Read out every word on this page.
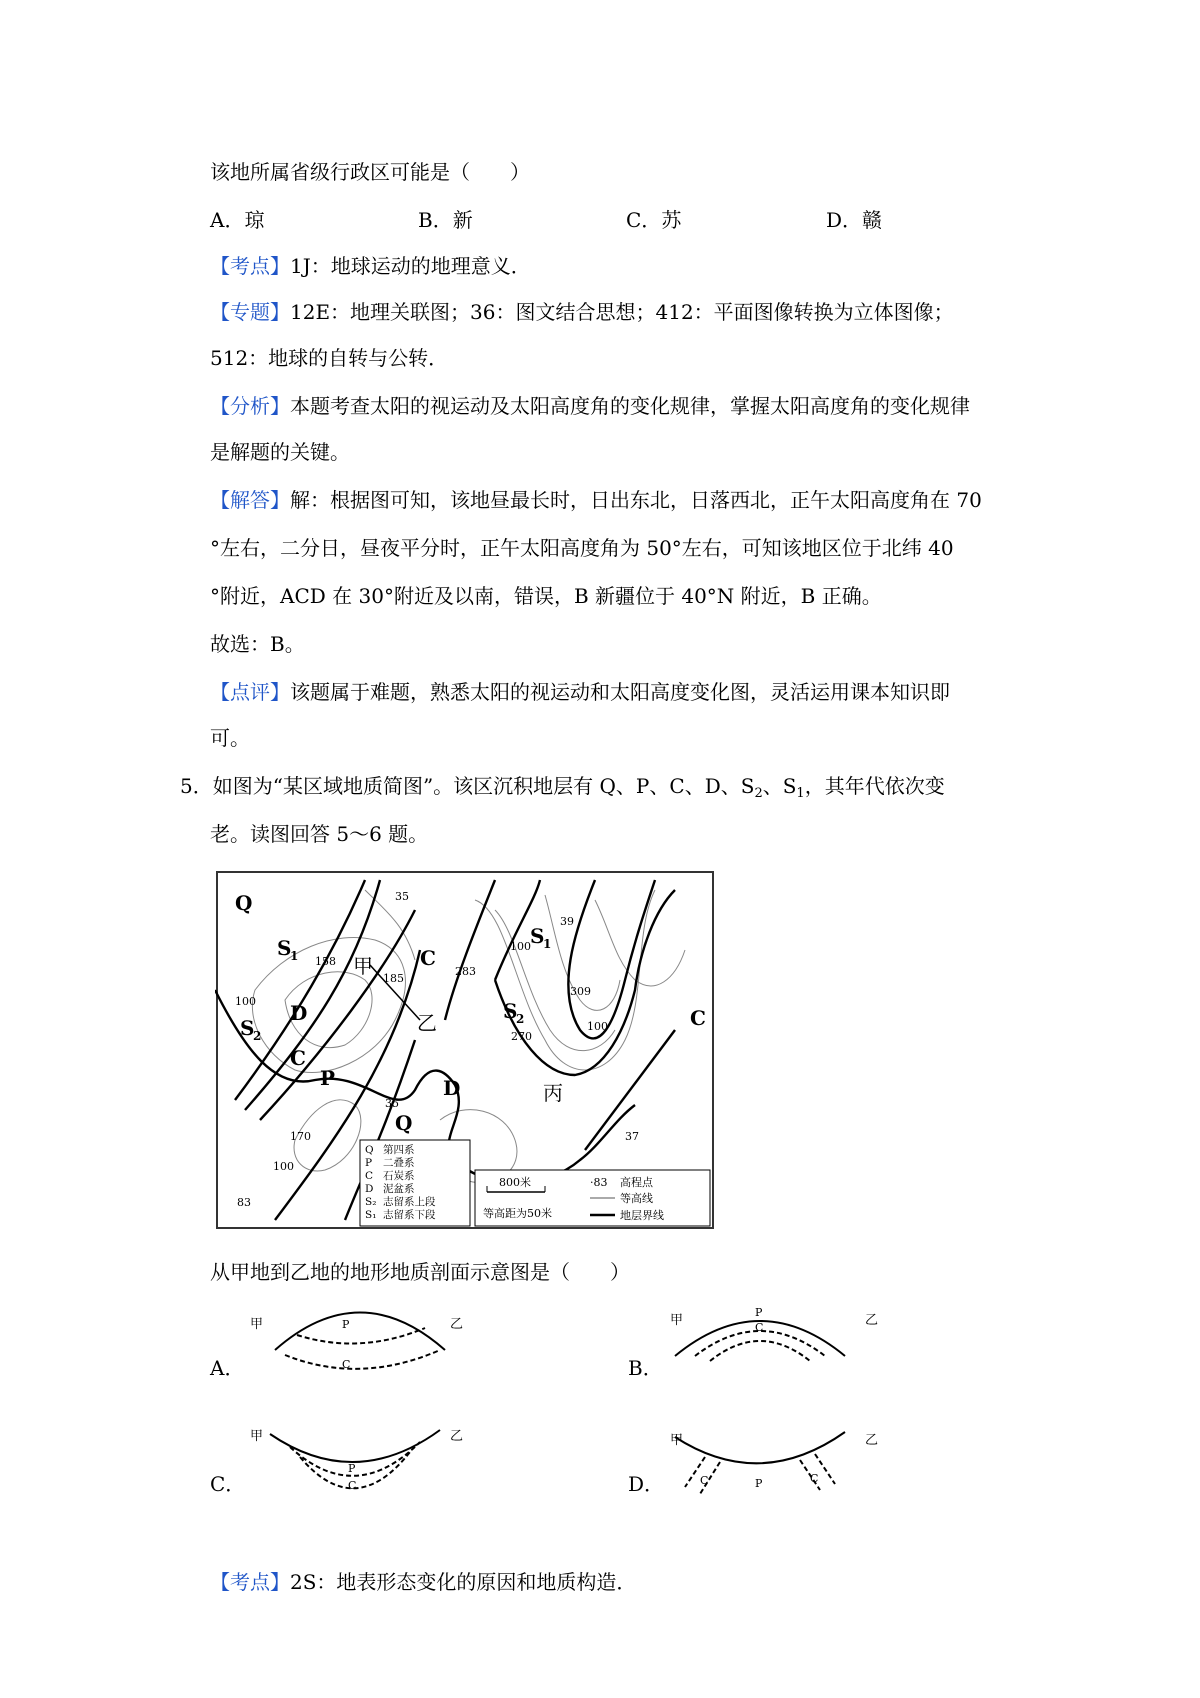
该地所属省级行政区可能是（　　）
A．琼	B．新	C．苏	D．赣
【考点】1J：地球运动的地理意义．
【专题】12E：地理关联图；36：图文结合思想；412：平面图像转换为立体图像；
512：地球的自转与公转．
【分析】本题考查太阳的视运动及太阳高度角的变化规律，掌握太阳高度角的变化规律
是解题的关键。
【解答】解：根据图可知，该地昼最长时，日出东北，日落西北，正午太阳高度角在 70
°左右，二分日，昼夜平分时，正午太阳高度角为 50°左右，可知该地区位于北纬 40
°附近，ACD 在 30°附近及以南，错误，B 新疆位于 40°N 附近，B 正确。
故选：B。
【点评】该题属于难题，熟悉太阳的视运动和太阳高度变化图，灵活运用课本知识即
可。
5．如图为“某区域地质简图”。该区沉积地层有 Q、P、C、D、$S_2$、$S_1$，其年代依次变
老。读图回答 5～6 题。
Q
S
1	C
D
S
2
C
P
Q
D
S
1
S
2	C
甲
乙
丙
35
158
185
283
39
309
270
35
170
100
100
100
83
37
100
Q 第四系
P 二叠系
C 石炭系
D 泥盆系
S₂ 志留系上段
S₁ 志留系下段
800米
等高距为50米
·83 高程点
等高线
地层界线
从甲地到乙地的地形地质剖面示意图是（　　）
A．
甲	乙
P
C	B．
甲	乙
P
C
C．
甲	乙
P
C	D．
甲	乙
C	P	C
【考点】2S：地表形态变化的原因和地质构造．
